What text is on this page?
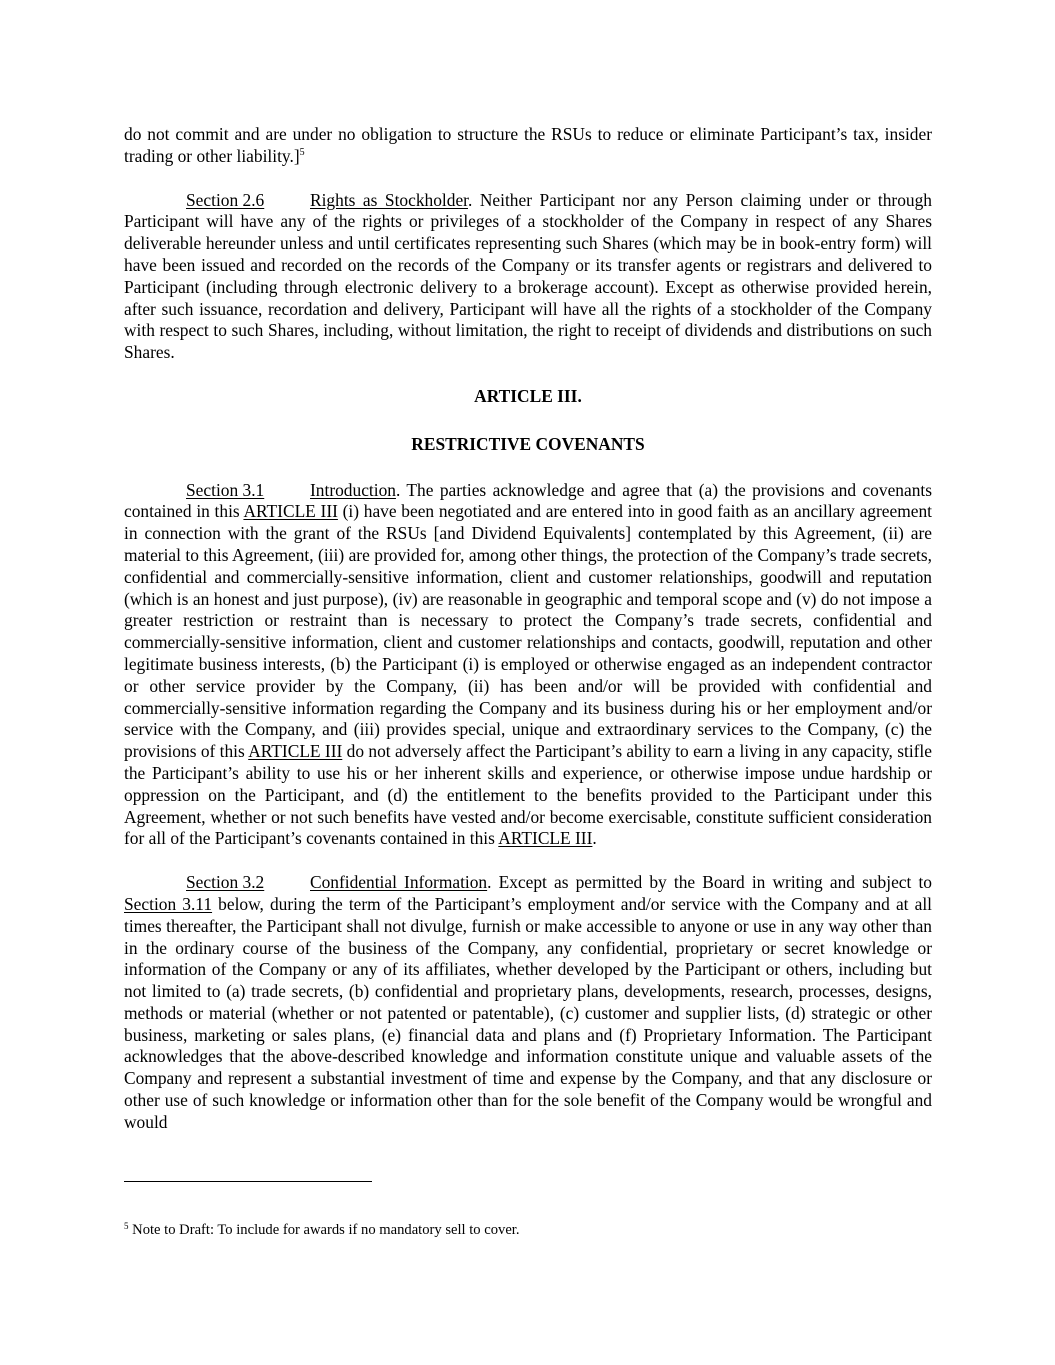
do not commit and are under no obligation to structure the RSUs to reduce or eliminate Participant’s tax, insider trading or other liability.]$^5$

Section 2.6	Rights as Stockholder. Neither Participant nor any Person claiming under or through Participant will have any of the rights or privileges of a stockholder of the Company in respect of any Shares deliverable hereunder unless and until certificates representing such Shares (which may be in book-entry form) will have been issued and recorded on the records of the Company or its transfer agents or registrars and delivered to Participant (including through electronic delivery to a brokerage account). Except as otherwise provided herein, after such issuance, recordation and delivery, Participant will have all the rights of a stockholder of the Company with respect to such Shares, including, without limitation, the right to receipt of dividends and distributions on such Shares.

ARTICLE III.
RESTRICTIVE COVENANTS

Section 3.1	Introduction. The parties acknowledge and agree that (a) the provisions and covenants contained in this ARTICLE III (i) have been negotiated and are entered into in good faith as an ancillary agreement in connection with the grant of the RSUs [and Dividend Equivalents] contemplated by this Agreement, (ii) are material to this Agreement, (iii) are provided for, among other things, the protection of the Company’s trade secrets, confidential and commercially-sensitive information, client and customer relationships, goodwill and reputation (which is an honest and just purpose), (iv) are reasonable in geographic and temporal scope and (v) do not impose a greater restriction or restraint than is necessary to protect the Company’s trade secrets, confidential and commercially-sensitive information, client and customer relationships and contacts, goodwill, reputation and other legitimate business interests, (b) the Participant (i) is employed or otherwise engaged as an independent contractor or other service provider by the Company, (ii) has been and/or will be provided with confidential and commercially-sensitive information regarding the Company and its business during his or her employment and/or service with the Company, and (iii) provides special, unique and extraordinary services to the Company, (c) the provisions of this ARTICLE III do not adversely affect the Participant’s ability to earn a living in any capacity, stifle the Participant’s ability to use his or her inherent skills and experience, or otherwise impose undue hardship or oppression on the Participant, and (d) the entitlement to the benefits provided to the Participant under this Agreement, whether or not such benefits have vested and/or become exercisable, constitute sufficient consideration for all of the Participant’s covenants contained in this ARTICLE III.

Section 3.2	Confidential Information. Except as permitted by the Board in writing and subject to Section 3.11 below, during the term of the Participant’s employment and/or service with the Company and at all times thereafter, the Participant shall not divulge, furnish or make accessible to anyone or use in any way other than in the ordinary course of the business of the Company, any confidential, proprietary or secret knowledge or information of the Company or any of its affiliates, whether developed by the Participant or others, including but not limited to (a) trade secrets, (b) confidential and proprietary plans, developments, research, processes, designs, methods or material (whether or not patented or patentable), (c) customer and supplier lists, (d) strategic or other business, marketing or sales plans, (e) financial data and plans and (f) Proprietary Information. The Participant acknowledges that the above-described knowledge and information constitute unique and valuable assets of the Company and represent a substantial investment of time and expense by the Company, and that any disclosure or other use of such knowledge or information other than for the sole benefit of the Company would be wrongful and would

$^5$ Note to Draft: To include for awards if no mandatory sell to cover.
